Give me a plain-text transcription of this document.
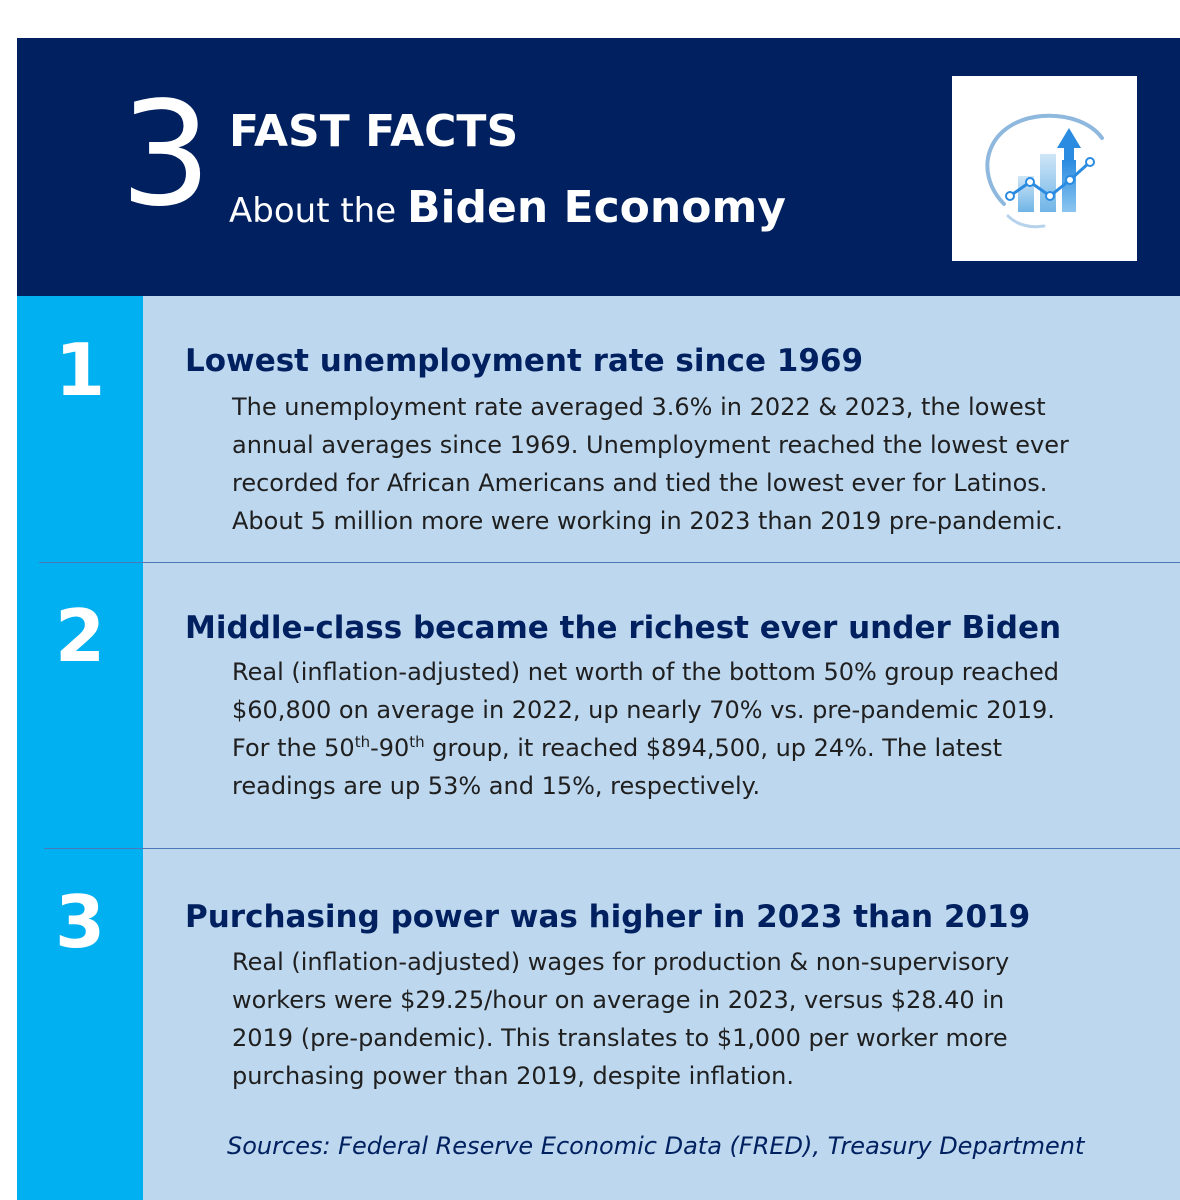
3 FAST FACTS
About the Biden Economy
1	Lowest unemployment rate since 1969
The unemployment rate averaged 3.6% in 2022 & 2023, the lowest
annual averages since 1969. Unemployment reached the lowest ever
recorded for African Americans and tied the lowest ever for Latinos.
About 5 million more were working in 2023 than 2019 pre-pandemic.
2	Middle-class became the richest ever under Biden
Real (inflation-adjusted) net worth of the bottom 50% group reached
$60,800 on average in 2022, up nearly 70% vs. pre-pandemic 2019.
For the 50th-90th group, it reached $894,500, up 24%. The latest
readings are up 53% and 15%, respectively.
3	Purchasing power was higher in 2023 than 2019
Real (inflation-adjusted) wages for production & non-supervisory
workers were $29.25/hour on average in 2023, versus $28.40 in
2019 (pre-pandemic). This translates to $1,000 per worker more
purchasing power than 2019, despite inflation.
Sources: Federal Reserve Economic Data (FRED), Treasury Department
